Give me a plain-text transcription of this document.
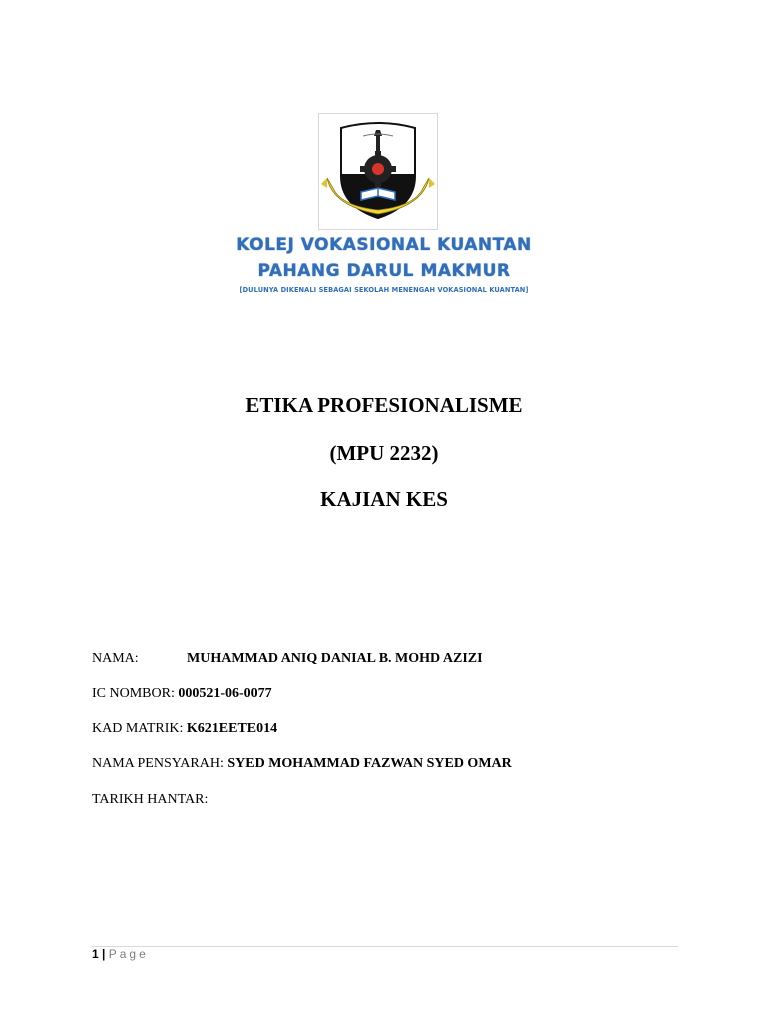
KOLEJ VOKASIONAL KUANTAN
PAHANG DARUL MAKMUR
[DULUNYA DIKENALI SEBAGAI SEKOLAH MENENGAH VOKASIONAL KUANTAN]
ETIKA PROFESIONALISME
(MPU 2232)
KAJIAN KES
NAMA:	MUHAMMAD ANIQ DANIAL B. MOHD AZIZI
IC NOMBOR: 000521-06-0077
KAD MATRIK: K621EETE014
NAMA PENSYARAH: SYED MOHAMMAD FAZWAN SYED OMAR
TARIKH HANTAR:
1 | Page
